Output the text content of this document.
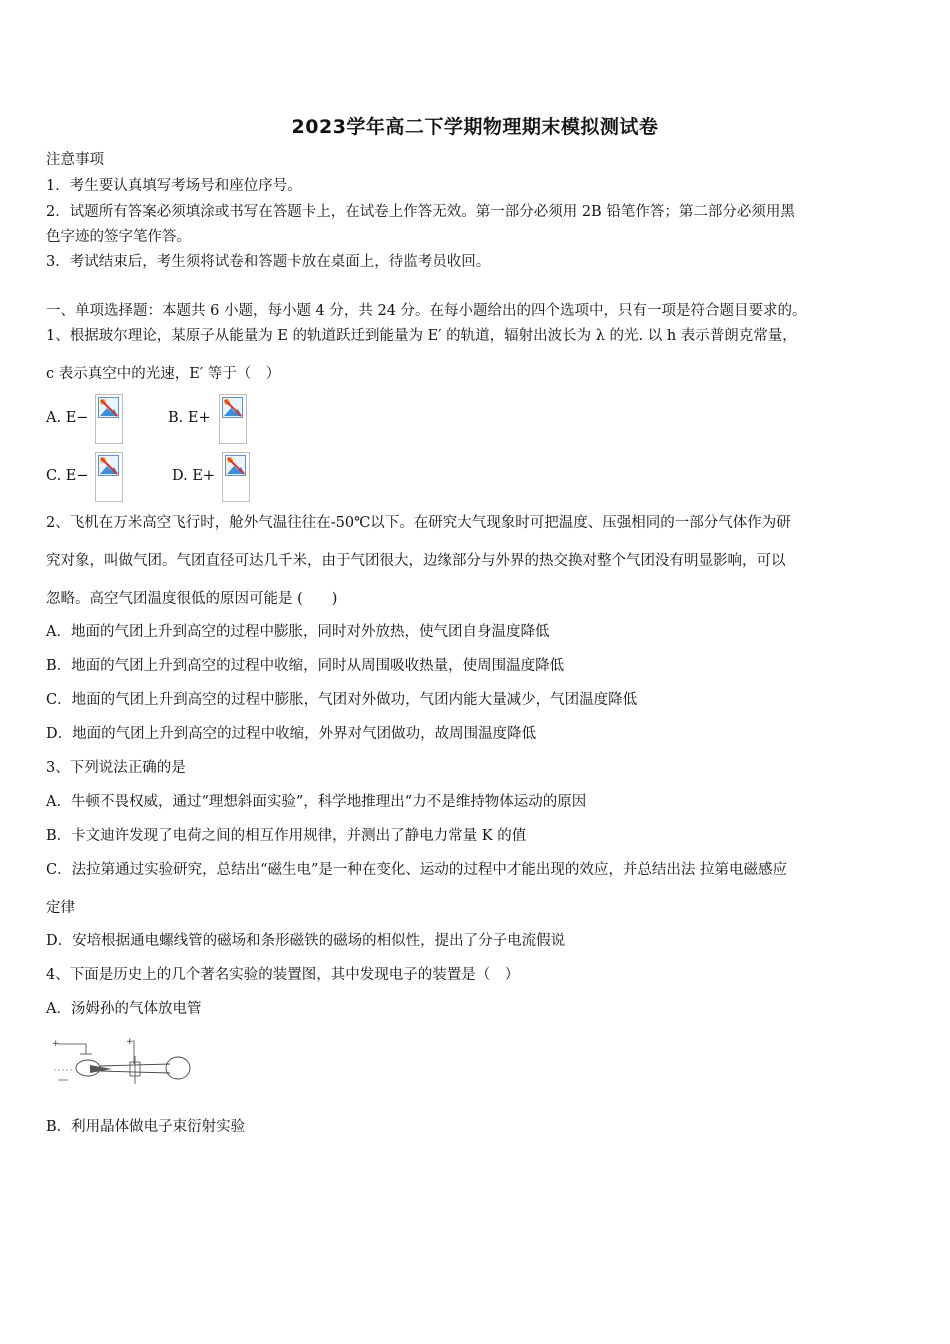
2023学年高二下学期物理期末模拟测试卷
注意事项
1．考生要认真填写考场号和座位序号。
2．试题所有答案必须填涂或书写在答题卡上，在试卷上作答无效。第一部分必须用 2B 铅笔作答；第二部分必须用黑
色字迹的签字笔作答。
3．考试结束后，考生须将试卷和答题卡放在桌面上，待监考员收回。
一、单项选择题：本题共 6 小题，每小题 4 分，共 24 分。在每小题给出的四个选项中，只有一项是符合题目要求的。
1、根据玻尔理论，某原子从能量为 E 的轨道跃迁到能量为 E′ 的轨道，辐射出波长为 λ 的光. 以 h 表示普朗克常量，
c 表示真空中的光速，E′ 等于（　）
A. E−	B. E+
C. E−	D. E+
2、飞机在万米高空飞行时，舱外气温往往在-50℃以下。在研究大气现象时可把温度、压强相同的一部分气体作为研
究对象，叫做气团。气团直径可达几千米，由于气团很大，边缘部分与外界的热交换对整个气团没有明显影响，可以
忽略。高空气团温度很低的原因可能是 (　　)
A．地面的气团上升到高空的过程中膨胀，同时对外放热，使气团自身温度降低
B．地面的气团上升到高空的过程中收缩，同时从周围吸收热量，使周围温度降低
C．地面的气团上升到高空的过程中膨胀，气团对外做功，气团内能大量减少，气团温度降低
D．地面的气团上升到高空的过程中收缩，外界对气团做功，故周围温度降低
3、下列说法正确的是
A．牛顿不畏权威，通过“理想斜面实验”，科学地推理出“力不是维持物体运动的原因
B．卡文迪许发现了电荷之间的相互作用规律，并测出了静电力常量 K 的值
C．法拉第通过实验研究，总结出“磁生电”是一种在变化、运动的过程中才能出现的效应，并总结出法 拉第电磁感应
定律
D．安培根据通电螺线管的磁场和条形磁铁的磁场的相似性，提出了分子电流假说
4、下面是历史上的几个著名实验的装置图，其中发现电子的装置是（　）
A．汤姆孙的气体放电管
+	+
B．利用晶体做电子束衍射实验
